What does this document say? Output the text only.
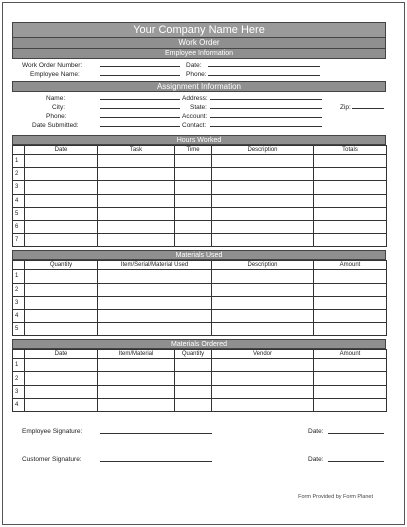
Your Company Name Here
Work Order
Employee Information
Work Order Number:
Employee Name:
Date:
Phone:
Assignment Information
Name:
City:
Phone:
Date Submitted:
Address:
State:	Zip:
Account:
Contact:
Hours Worked
	Date	Task	Time	Description	Totals
1					
2					
3					
4					
5					
6					
7					
Materials Used
	Quantity	Item/Serial/Material Used	Description	Amount
1				
2				
3				
4				
5				
Materials Ordered
	Date	Item/Material	Quantity	Vendor	Amount
1					
2					
3					
4					
Employee Signature:	Date:
Customer Signature:	Date:
Form Provided by Form Planet
